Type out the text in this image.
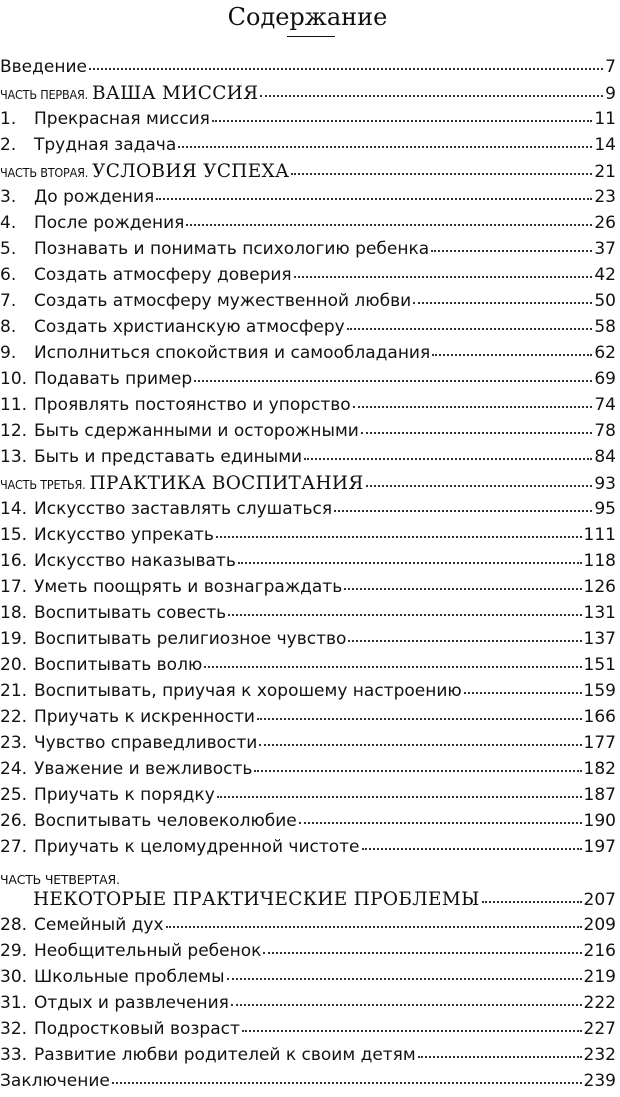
Содержание
Введение	7
ЧАСТЬ ПЕРВАЯ. ВАША МИССИЯ	9
1.	Прекрасная миссия	11
2.	Трудная задача	14
ЧАСТЬ ВТОРАЯ. УСЛОВИЯ УСПЕХА	21
3.	До рождения	23
4.	После рождения	26
5.	Познавать и понимать психологию ребенка	37
6.	Создать атмосферу доверия	42
7.	Создать атмосферу мужественной любви	50
8.	Создать христианскую атмосферу	58
9.	Исполниться спокойствия и самообладания	62
10. Подавать пример	69
11. Проявлять постоянство и упорство	74
12. Быть сдержанными и осторожными	78
13. Быть и представать едиными	84
ЧАСТЬ ТРЕТЬЯ. ПРАКТИКА ВОСПИТАНИЯ	93
14. Искусство заставлять слушаться	95
15. Искусство упрекать	111
16. Искусство наказывать	118
17. Уметь поощрять и вознаграждать	126
18. Воспитывать совесть	131
19. Воспитывать религиозное чувство	137
20. Воспитывать волю	151
21. Воспитывать, приучая к хорошему настроению	159
22. Приучать к искренности	166
23. Чувство справедливости	177
24. Уважение и вежливость	182
25. Приучать к порядку	187
26. Воспитывать человеколюбие	190
27. Приучать к целомудренной чистоте	197
ЧАСТЬ ЧЕТВЕРТАЯ.
НЕКОТОРЫЕ ПРАКТИЧЕСКИЕ ПРОБЛЕМЫ	207
28. Семейный дух	209
29. Необщительный ребенок	216
30. Школьные проблемы	219
31. Отдых и развлечения	222
32. Подростковый возраст	227
33. Развитие любви родителей к своим детям	232
Заключение	239
